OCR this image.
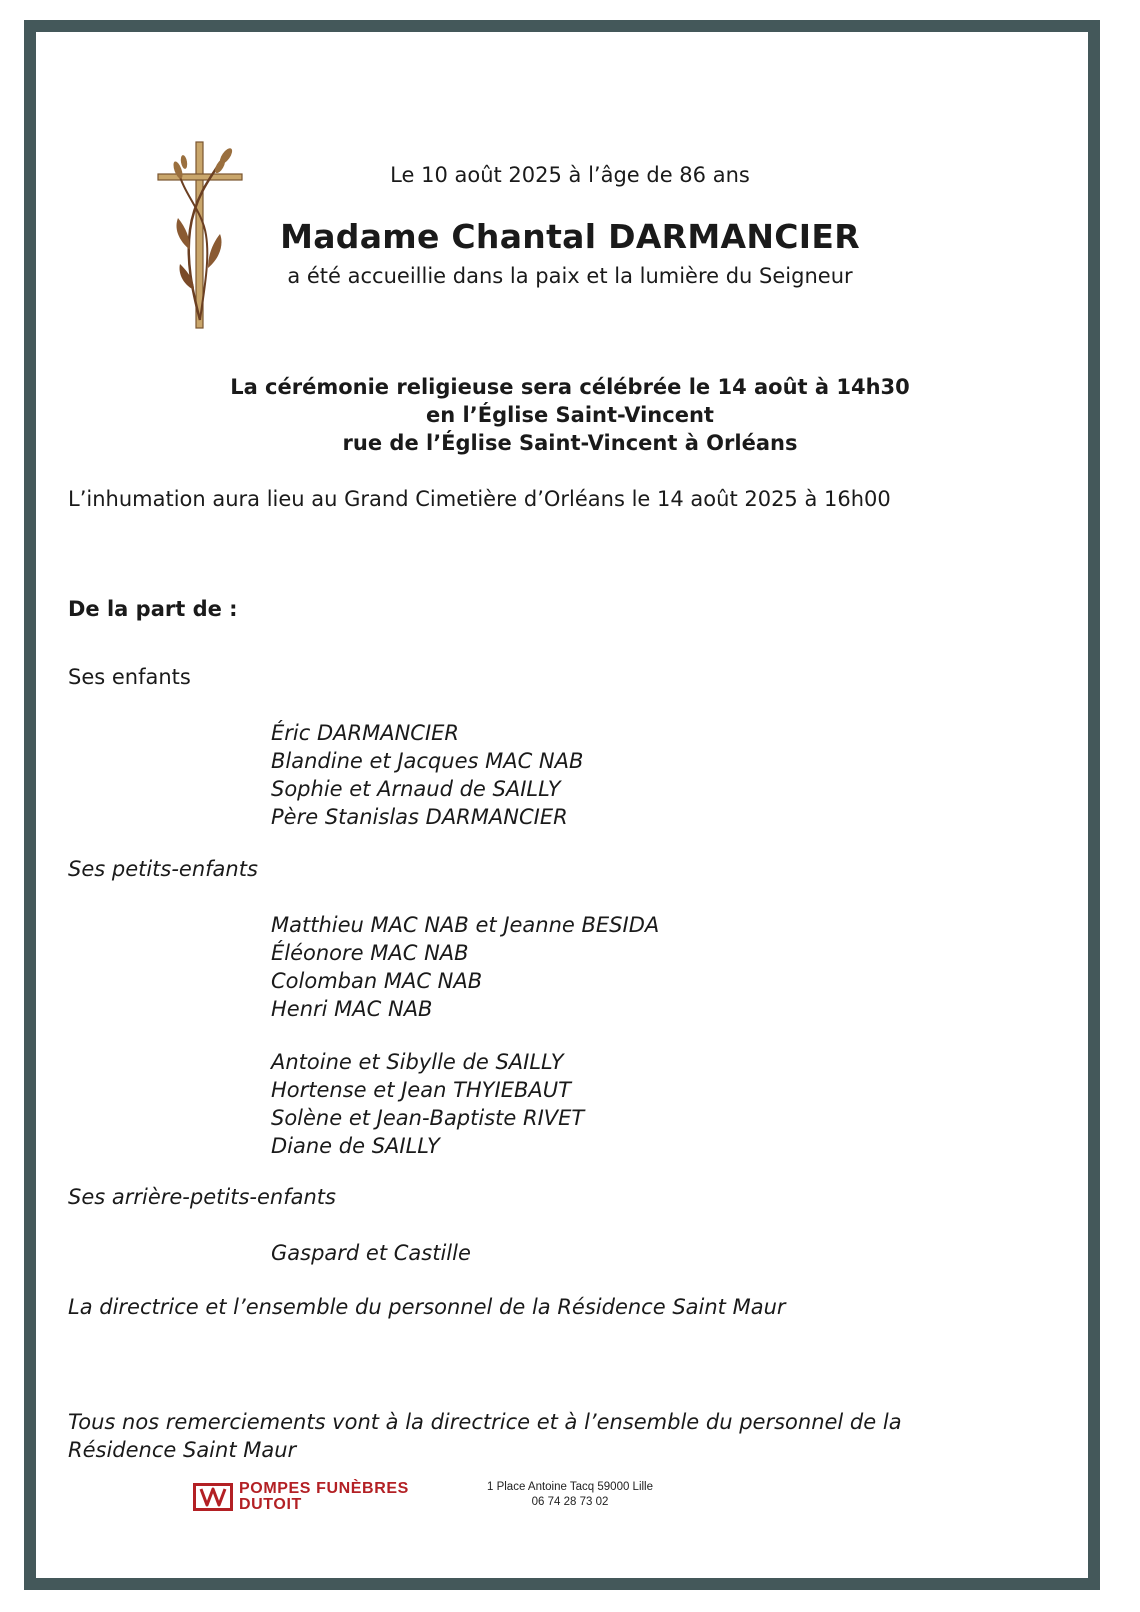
Le 10 août 2025 à l’âge de 86 ans
Madame Chantal DARMANCIER
a été accueillie dans la paix et la lumière du Seigneur
La cérémonie religieuse sera célébrée le 14 août à 14h30
en l’Église Saint-Vincent
rue de l’Église Saint-Vincent à Orléans
L’inhumation aura lieu au Grand Cimetière d’Orléans le 14 août 2025 à 16h00
De la part de :
Ses enfants
Éric DARMANCIER
Blandine et Jacques MAC NAB
Sophie et Arnaud de SAILLY
Père Stanislas DARMANCIER
Ses petits-enfants
Matthieu MAC NAB et Jeanne BESIDA
Éléonore MAC NAB
Colomban MAC NAB
Henri MAC NAB
Antoine et Sibylle de SAILLY
Hortense et Jean THYIEBAUT
Solène et Jean-Baptiste RIVET
Diane de SAILLY
Ses arrière-petits-enfants
Gaspard et Castille
La directrice et l’ensemble du personnel de la Résidence Saint Maur
Tous nos remerciements vont à la directrice et à l’ensemble du personnel de la
Résidence Saint Maur
POMPES FUNÈBRES
DUTOIT
1 Place Antoine Tacq 59000 Lille
06 74 28 73 02
